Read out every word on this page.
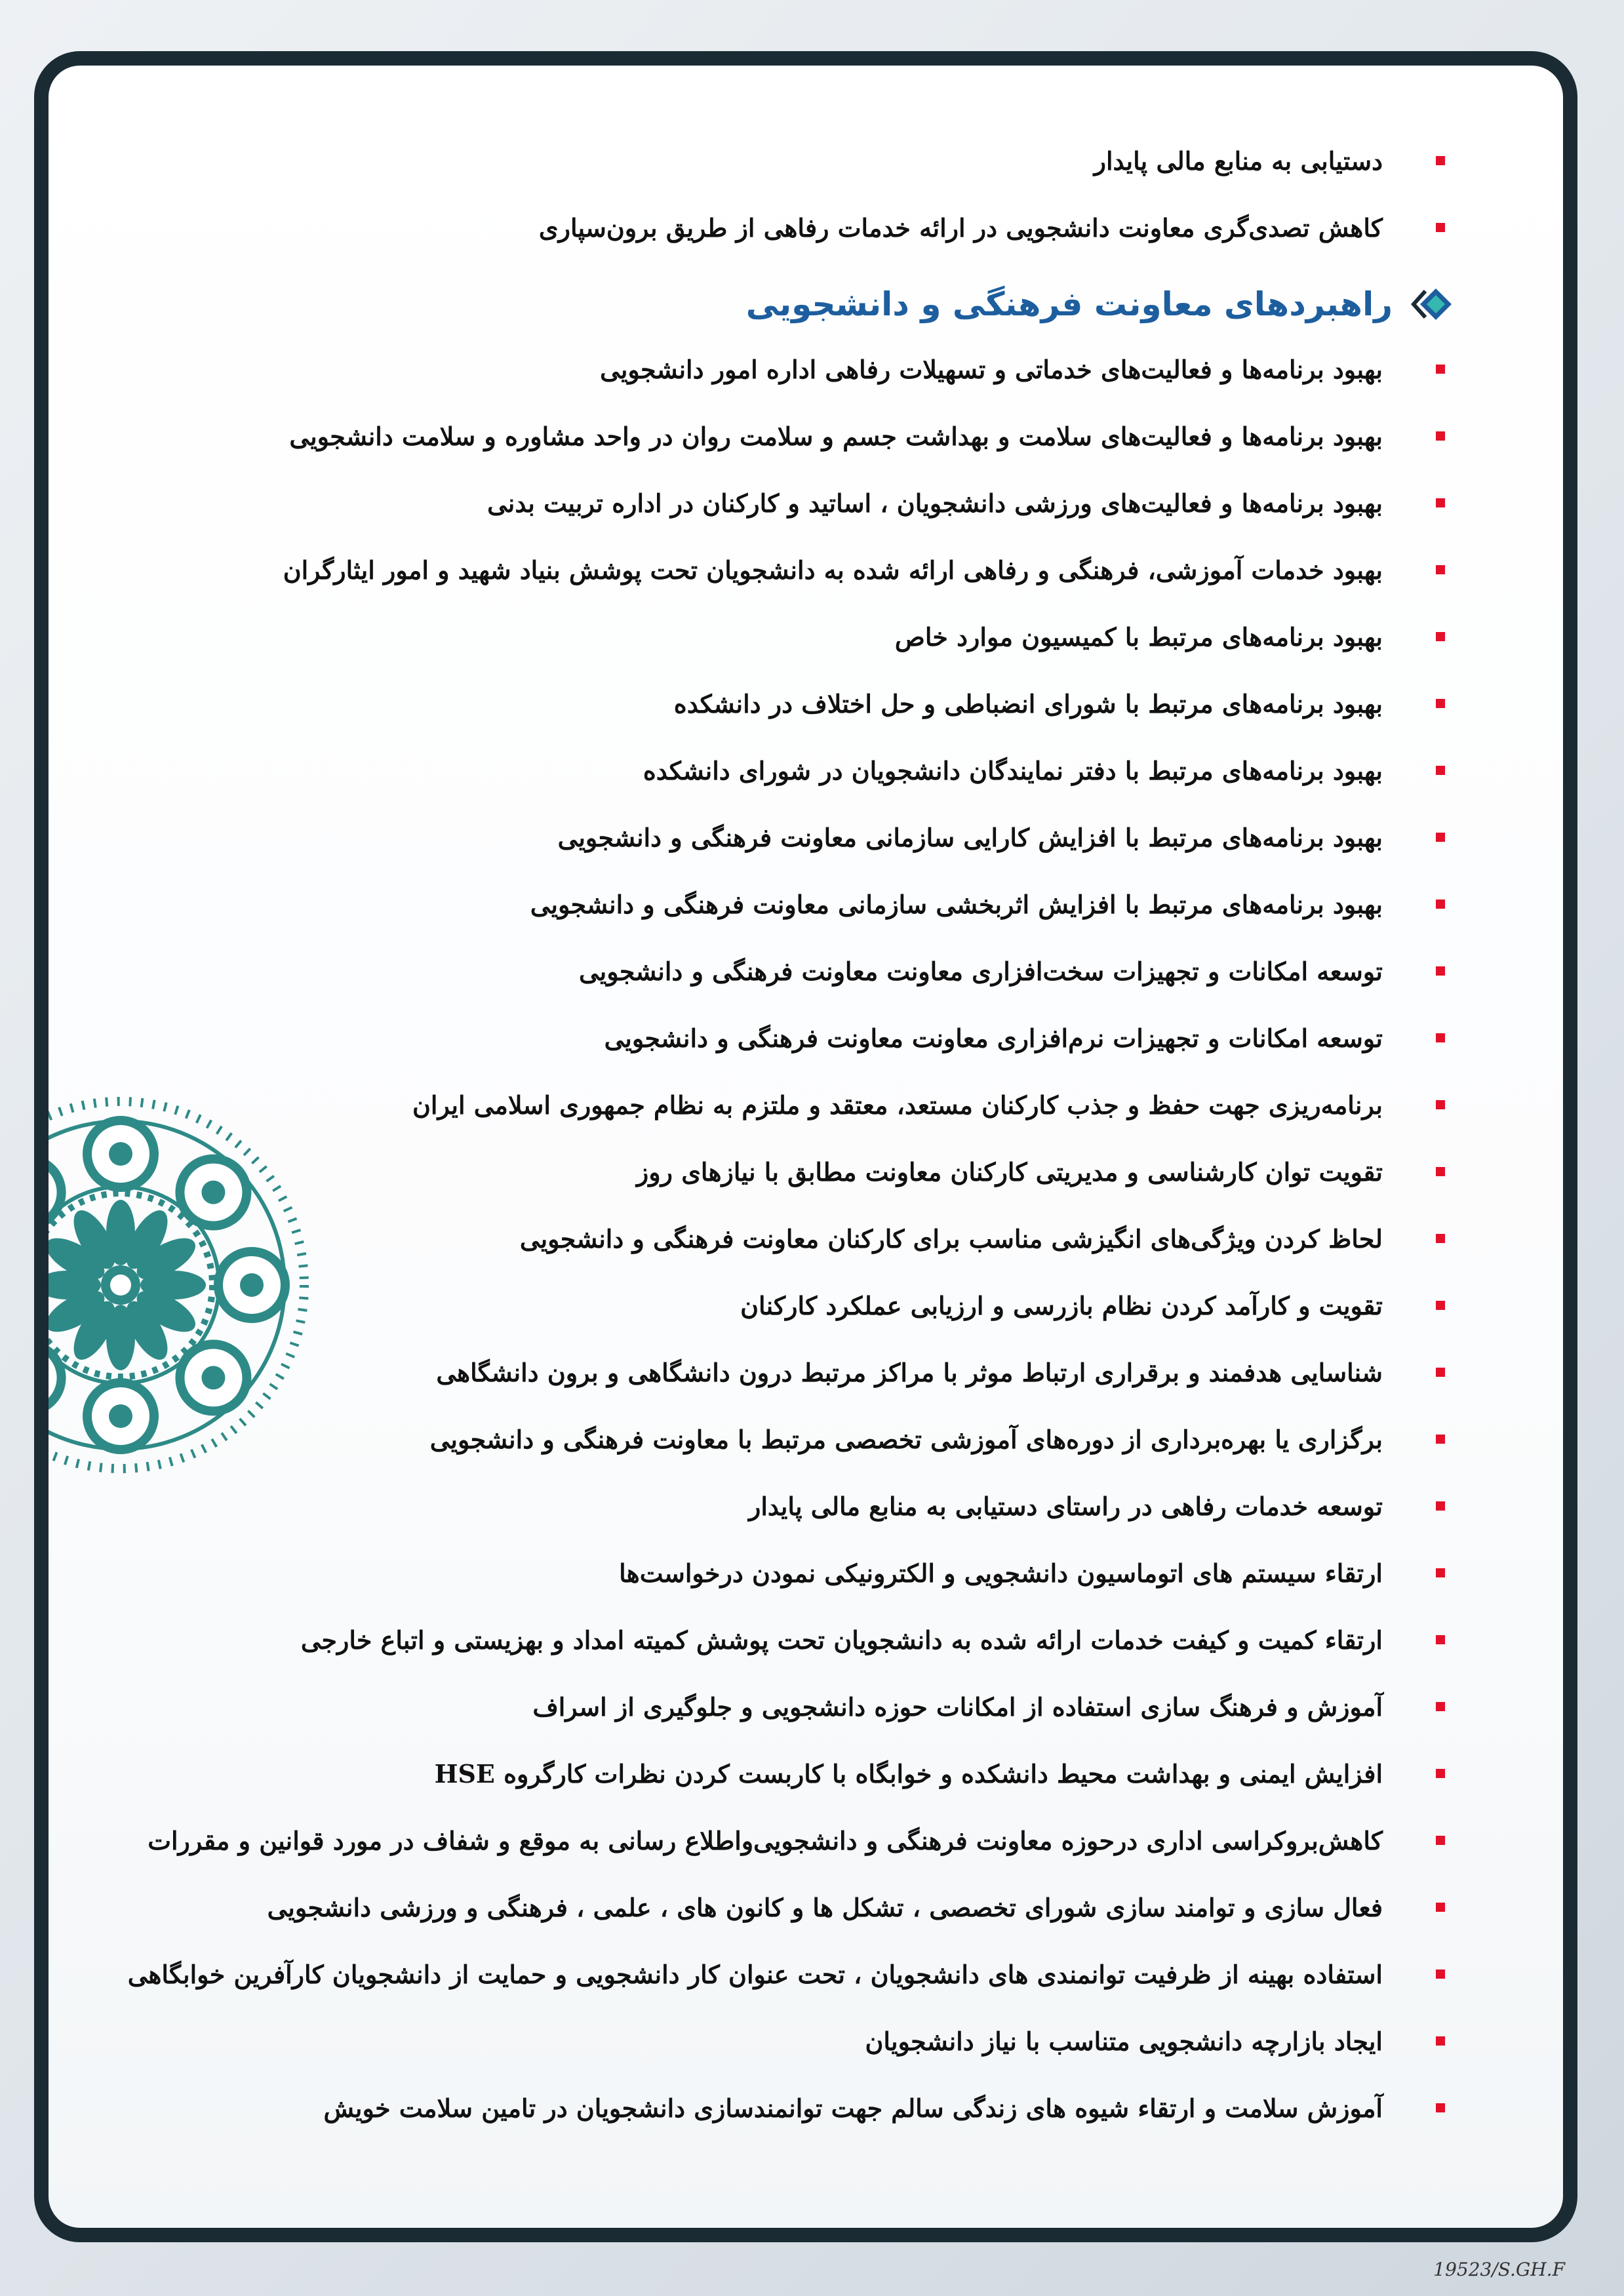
دستیابی به منابع مالی پایدار
کاهش تصدی‌گری معاونت دانشجویی در ارائه خدمات رفاهی از طریق برون‌سپاری
راهبردهای معاونت فرهنگی و دانشجویی
بهبود برنامه‌ها و فعالیت‌های خدماتی و تسهیلات رفاهی اداره امور دانشجویی
بهبود برنامه‌ها و فعالیت‌های سلامت و بهداشت جسم و سلامت روان در واحد مشاوره و سلامت دانشجویی
بهبود برنامه‌ها و فعالیت‌های ورزشی دانشجویان ، اساتید و کارکنان در اداره تربیت بدنی
بهبود خدمات آموزشی، فرهنگی و رفاهی ارائه شده به دانشجویان تحت پوشش بنیاد شهید و امور ایثارگران
بهبود برنامه‌های مرتبط با کمیسیون موارد خاص
بهبود برنامه‌های مرتبط با شورای انضباطی و حل اختلاف در دانشکده
بهبود برنامه‌های مرتبط با دفتر نمایندگان دانشجویان در شورای دانشکده
بهبود برنامه‌های مرتبط با افزایش کارایی سازمانی معاونت فرهنگی و دانشجویی
بهبود برنامه‌های مرتبط با افزایش اثربخشی سازمانی معاونت فرهنگی و دانشجویی
توسعه امکانات و تجهیزات سخت‌افزاری معاونت معاونت فرهنگی و دانشجویی
توسعه امکانات و تجهیزات نرم‌افزاری معاونت معاونت فرهنگی و دانشجویی
برنامه‌ریزی جهت حفظ و جذب کارکنان مستعد، معتقد و ملتزم به نظام جمهوری اسلامی ایران
تقویت توان کارشناسی و مدیریتی کارکنان معاونت مطابق با نیازهای روز
لحاظ کردن ویژگی‌های انگیزشی مناسب برای کارکنان معاونت فرهنگی و دانشجویی
تقویت و کارآمد کردن نظام بازرسی و ارزیابی عملکرد کارکنان
شناسایی هدفمند و برقراری ارتباط موثر با مراکز مرتبط درون دانشگاهی و برون دانشگاهی
برگزاری یا بهره‌برداری از دوره‌های آموزشی تخصصی مرتبط با معاونت فرهنگی و دانشجویی
توسعه خدمات رفاهی در راستای دستیابی به منابع مالی پایدار
ارتقاء سیستم های اتوماسیون دانشجویی و الکترونیکی نمودن درخواست‌ها
ارتقاء کمیت و کیفت خدمات ارائه شده به دانشجویان تحت پوشش کمیته امداد و بهزیستی و اتباع خارجی
آموزش و فرهنگ سازی استفاده از امکانات حوزه دانشجویی و جلوگیری از اسراف
افزایش ایمنی و بهداشت محیط دانشکده و خوابگاه با کاربست کردن نظرات کارگروه HSE
کاهش‌بروکراسی اداری درحوزه معاونت فرهنگی و دانشجویی‌واطلاع رسانی به موقع و شفاف در مورد قوانین و مقررات
فعال سازی و توامند سازی شورای تخصصی ، تشکل ها و کانون های ، علمی ، فرهنگی و ورزشی دانشجویی
استفاده بهینه از ظرفیت توانمندی های دانشجویان ، تحت عنوان کار دانشجویی و حمایت از دانشجویان کارآفرین خوابگاهی
ایجاد بازارچه دانشجویی متناسب با نیاز دانشجویان
آموزش سلامت و ارتقاء شیوه های زندگی سالم جهت توانمندسازی دانشجویان در تامین سلامت خویش
19523/S.GH.F
